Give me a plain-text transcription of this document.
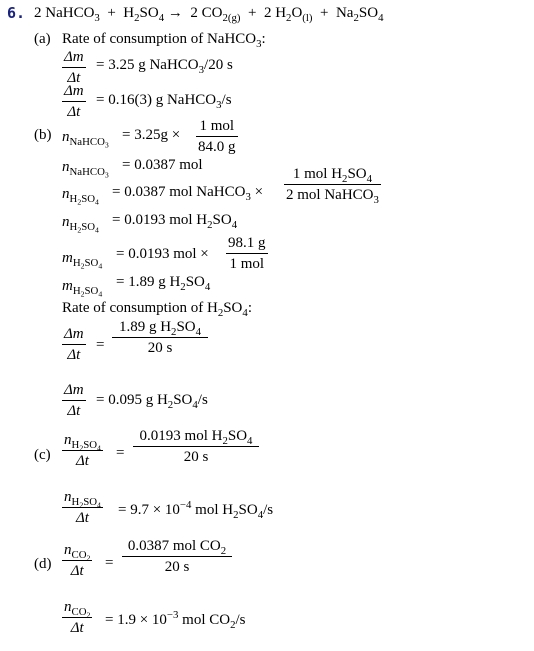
6. 2 NaHCO$_3$ + $H_2SO_4 \to 2$ $CO_{2(g)} + 2$ $H_2O_{(l)} + Na_2SO_4$
(a) Rate of consumption of NaHCO$_3$:
Δm
Δt
= 3.25 g NaHCO$_3$/20 s
Δm
Δt
= 0.16(3) g NaHCO$_3$/s
(b) $n_{NaHCO_3}$
= 3.25g ×
1 mol
84.0 g
$n_{NaHCO_3}$
= 0.0387 mol
$n_{H_2SO_4}$
= 0.0387 mol NaHCO$_3$ ×
1 mol $H_2SO_4$
2 mol NaHCO$_3$
$n_{H_2SO_4}$
= 0.0193 mol $H_2SO_4$
$m_{H_2SO_4}$
= 0.0193 mol ×
98.1 g
1 mol
$m_{H_2SO_4}$
= 1.89 g $H_2SO_4$
Rate of consumption of $H_2SO_4$:
Δm
Δt
=
1.89 g $H_2SO_4$
20 s
Δm
Δt
= 0.095 g $H_2SO_4/s$
(c)
$n_{H_2SO_4}$
Δt
=
0.0193 mol $H_2SO_4$
20 s
$n_{H_2SO_4}$
Δt
= $9.7 \times 10^{-4}$ mol $H_2SO_4/s$
(d)
$n_{CO_2}$
Δt
=
0.0387 mol $CO_2$
20 s
$n_{CO_2}$
Δt
= $1.9 \times 10^{-3}$ mol $CO_2/s$
